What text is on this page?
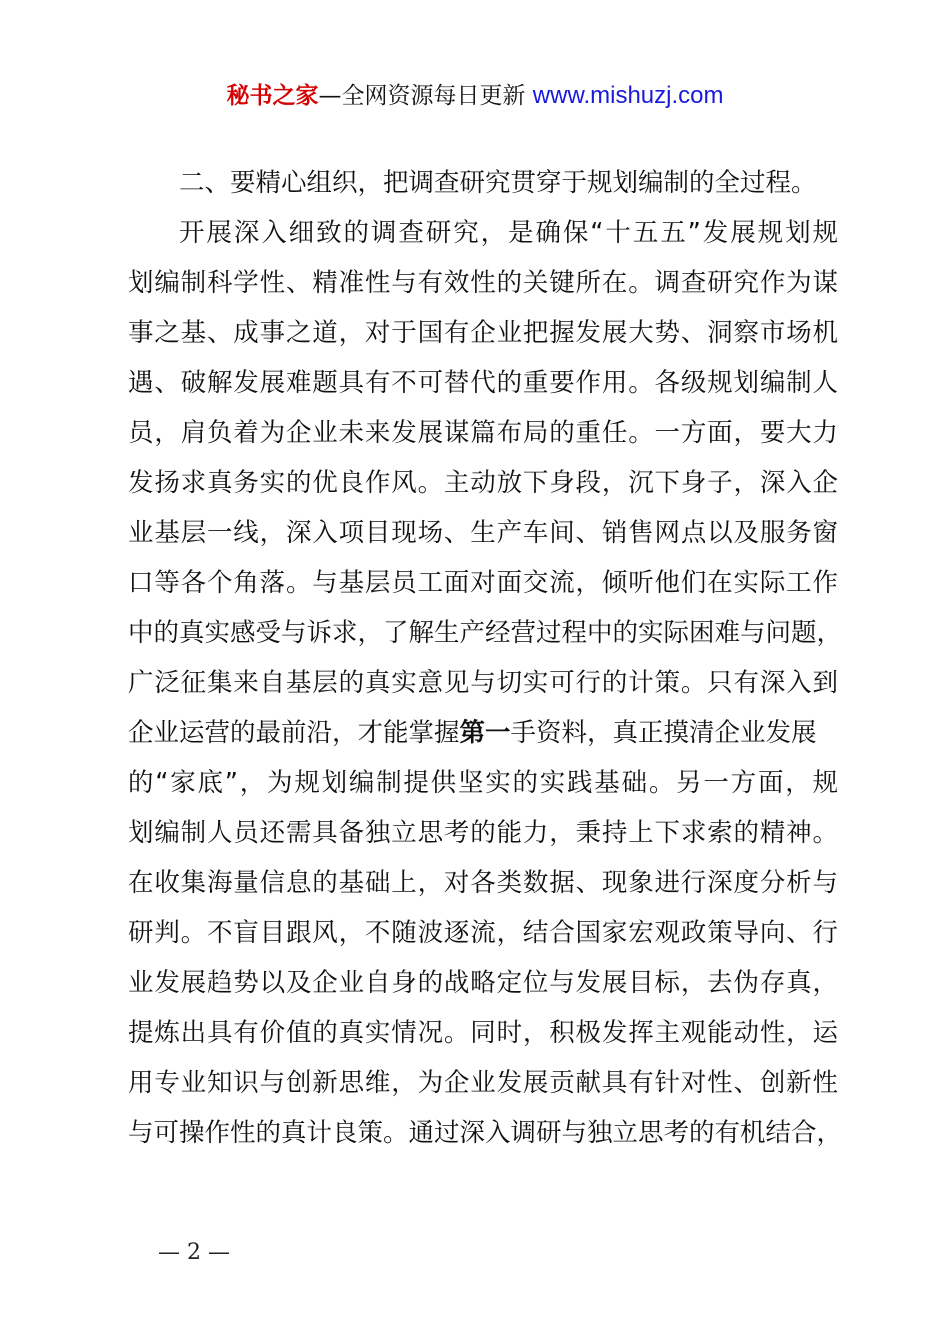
秘书之家—全网资源每日更新 www.mishuzj.com
二、要精心组织，把调查研究贯穿于规划编制的全过程。
开展深入细致的调查研究，是确保“十五五”发展规划规
划编制科学性、精准性与有效性的关键所在。调查研究作为谋
事之基、成事之道，对于国有企业把握发展大势、洞察市场机
遇、破解发展难题具有不可替代的重要作用。各级规划编制人
员，肩负着为企业未来发展谋篇布局的重任。一方面，要大力
发扬求真务实的优良作风。主动放下身段，沉下身子，深入企
业基层一线，深入项目现场、生产车间、销售网点以及服务窗
口等各个角落。与基层员工面对面交流，倾听他们在实际工作
中的真实感受与诉求，了解生产经营过程中的实际困难与问题，
广泛征集来自基层的真实意见与切实可行的计策。只有深入到
企业运营的最前沿，才能掌握第一手资料，真正摸清企业发展
的“家底”，为规划编制提供坚实的实践基础。另一方面，规
划编制人员还需具备独立思考的能力，秉持上下求索的精神。
在收集海量信息的基础上，对各类数据、现象进行深度分析与
研判。不盲目跟风，不随波逐流，结合国家宏观政策导向、行
业发展趋势以及企业自身的战略定位与发展目标，去伪存真，
提炼出具有价值的真实情况。同时，积极发挥主观能动性，运
用专业知识与创新思维，为企业发展贡献具有针对性、创新性
与可操作性的真计良策。通过深入调研与独立思考的有机结合，
— 2 —
